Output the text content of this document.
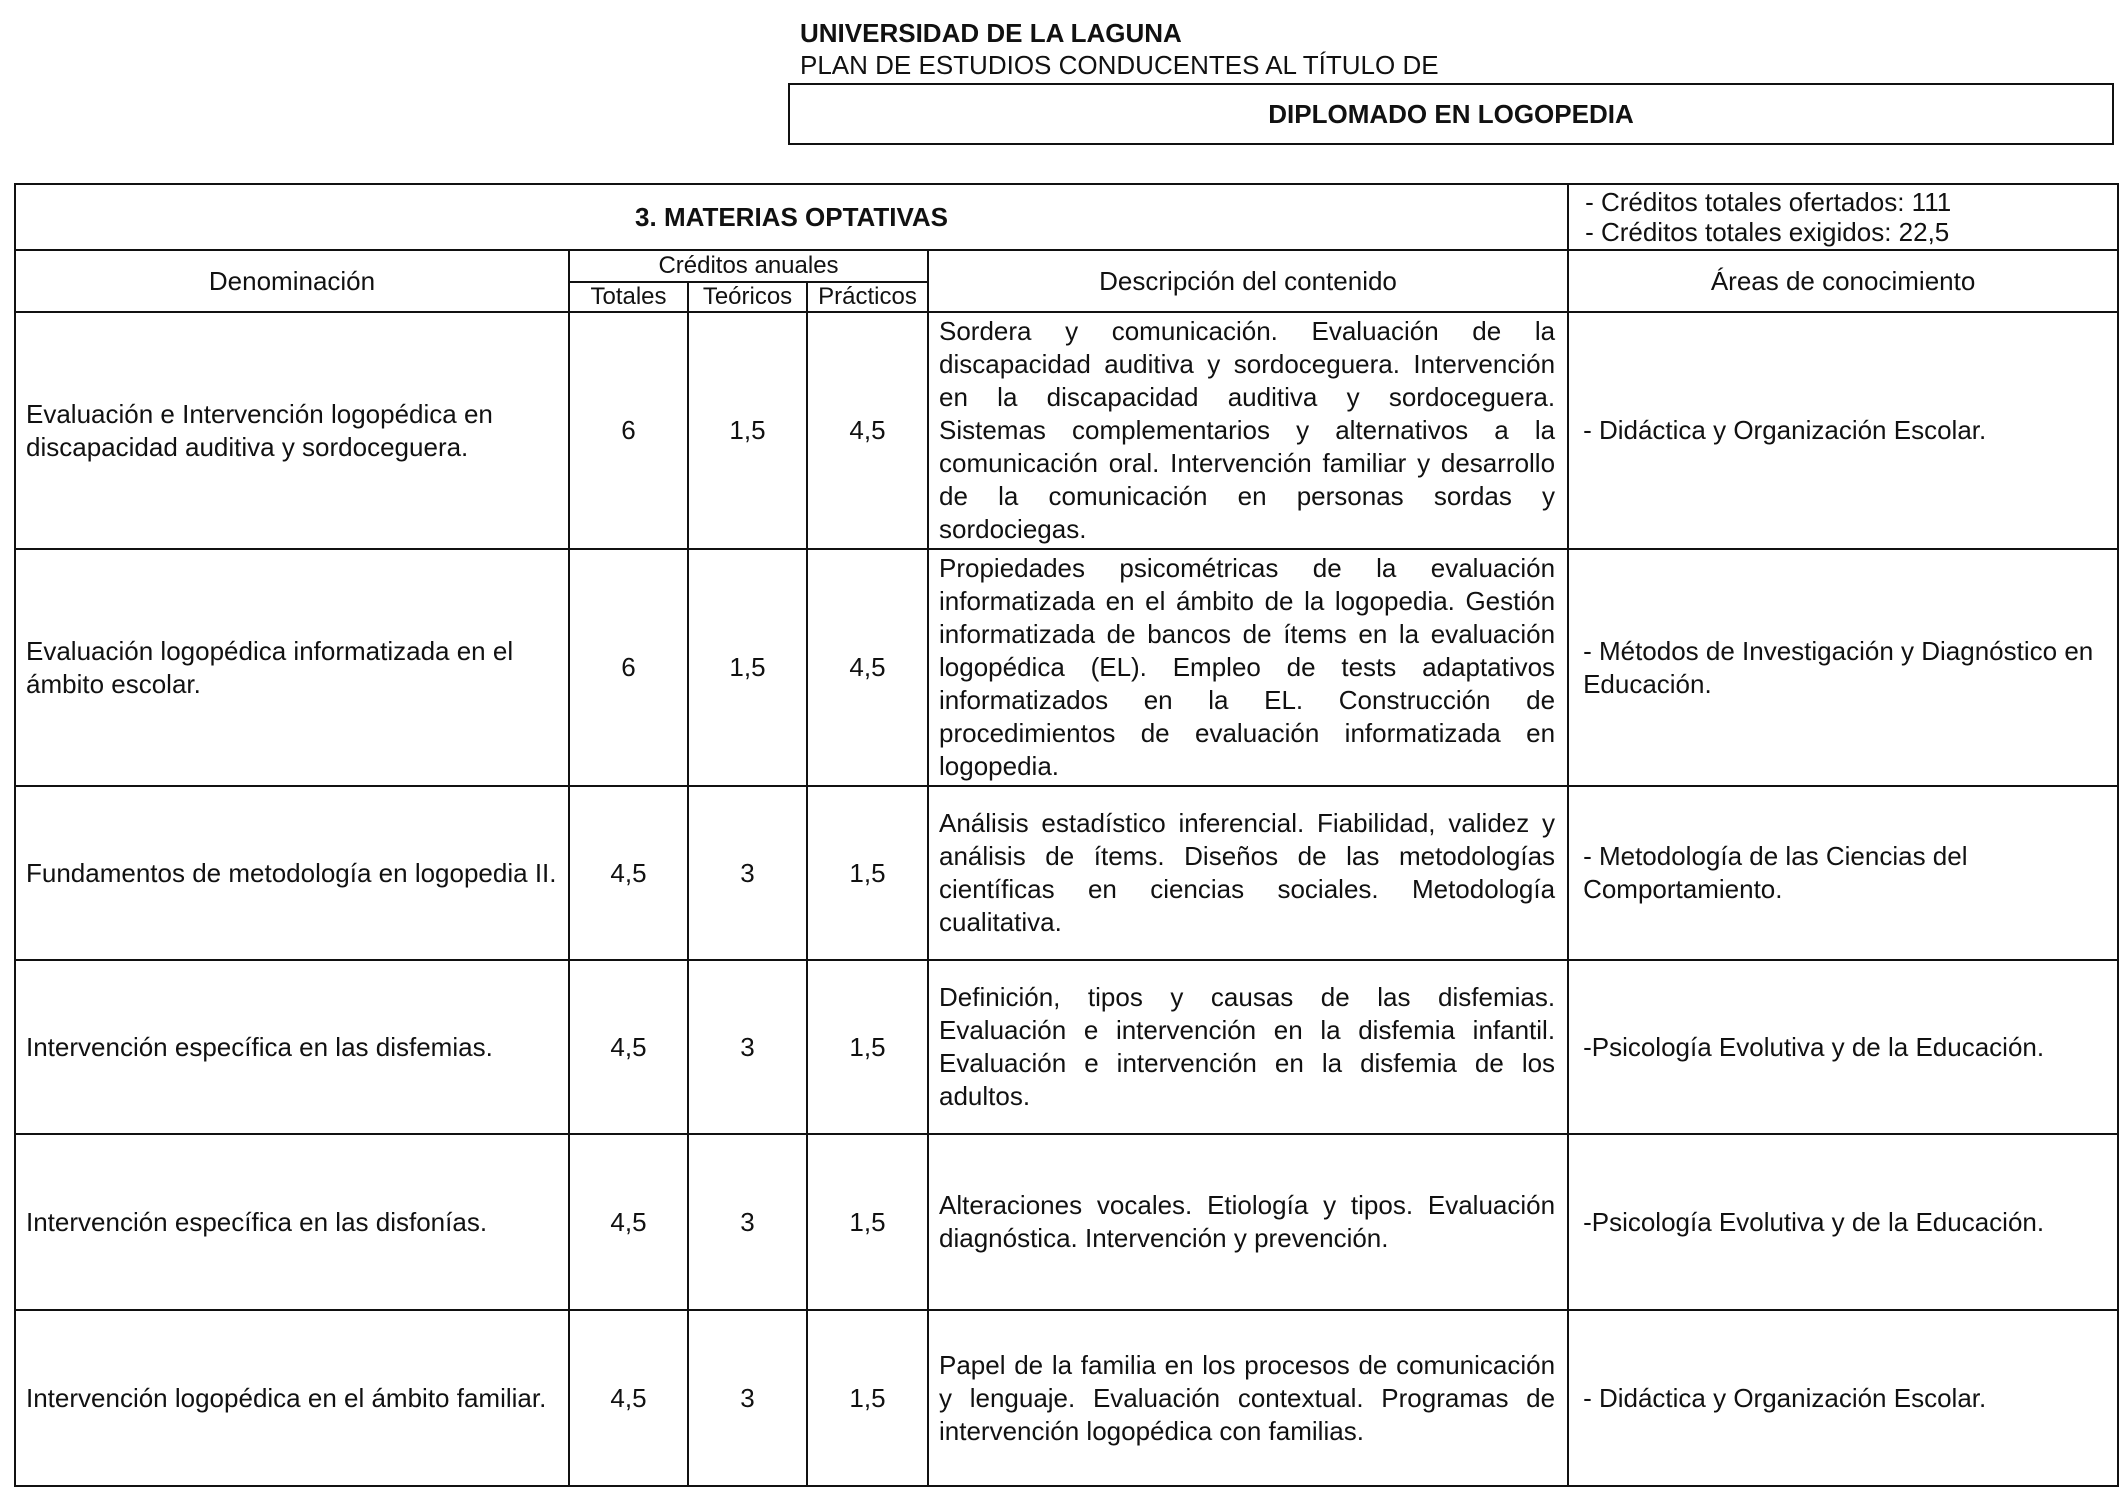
UNIVERSIDAD DE LA LAGUNA
PLAN DE ESTUDIOS CONDUCENTES AL TÍTULO DE
DIPLOMADO EN LOGOPEDIA
3. MATERIAS OPTATIVAS					- Créditos totales ofertados: 111
- Créditos totales exigidos: 22,5

Denominación	Créditos anuales			Descripción del contenido	Áreas de conocimiento
	Totales	Teóricos	Prácticos		
Evaluación e Intervención logopédica en discapacidad auditiva y sordoceguera.	6	1,5	4,5	Sordera y comunicación. Evaluación de la discapacidad auditiva y sordoceguera. Intervención en la discapacidad auditiva y sordoceguera. Sistemas complementarios y alternativos a la comunicación oral. Intervención familiar y desarrollo de la comunicación en personas sordas y sordociegas.	- Didáctica y Organización Escolar.
Evaluación logopédica informatizada en el ámbito escolar.	6	1,5	4,5	Propiedades psicométricas de la evaluación informatizada en el ámbito de la logopedia. Gestión informatizada de bancos de ítems en la evaluación logopédica (EL). Empleo de tests adaptativos informatizados en la EL. Construcción de procedimientos de evaluación informatizada en logopedia.	- Métodos de Investigación y Diagnóstico en Educación.
Fundamentos de metodología en logopedia II.	4,5	3	1,5	Análisis estadístico inferencial. Fiabilidad, validez y análisis de ítems. Diseños de las metodologías científicas en ciencias sociales. Metodología cualitativa.	- Metodología de las Ciencias del Comportamiento.
Intervención específica en las disfemias.	4,5	3	1,5	Definición, tipos y causas de las disfemias. Evaluación e intervención en la disfemia infantil. Evaluación e intervención en la disfemia de los adultos.	-Psicología Evolutiva y de la Educación.
Intervención específica en las disfonías.	4,5	3	1,5	Alteraciones vocales. Etiología y tipos. Evaluación diagnóstica. Intervención y prevención.	-Psicología Evolutiva y de la Educación.
Intervención logopédica en el ámbito familiar.	4,5	3	1,5	Papel de la familia en los procesos de comunicación y lenguaje. Evaluación contextual. Programas de intervención logopédica con familias.	- Didáctica y Organización Escolar.
